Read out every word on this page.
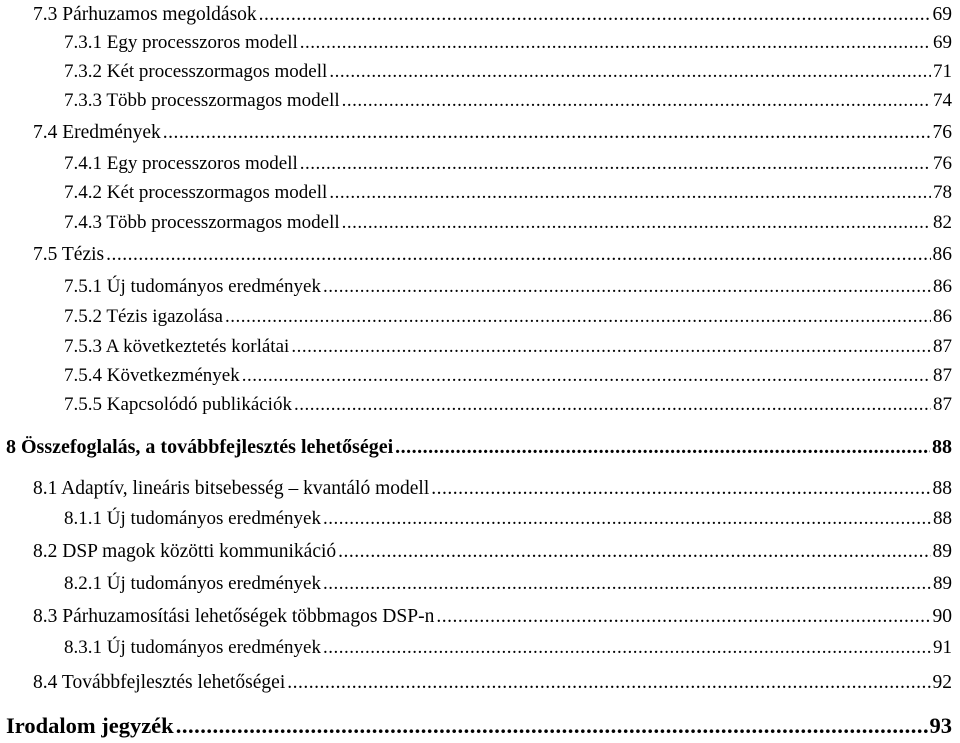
7.3 Párhuzamos megoldások .....	69
7.3.1 Egy processzoros modell .....	69
7.3.2 Két processzormagos modell .....	71
7.3.3 Több processzormagos modell .....	74
7.4 Eredmények .....	76
7.4.1 Egy processzoros modell .....	76
7.4.2 Két processzormagos modell .....	78
7.4.3 Több processzormagos modell .....	82
7.5 Tézis .....	86
7.5.1 Új tudományos eredmények .....	86
7.5.2 Tézis igazolása .....	86
7.5.3 A következtetés korlátai .....	87
7.5.4 Következmények .....	87
7.5.5 Kapcsolódó publikációk .....	87
8 Összefoglalás, a továbbfejlesztés lehetőségei .....	88
8.1 Adaptív, lineáris bitsebesség – kvantáló modell .....	88
8.1.1 Új tudományos eredmények .....	88
8.2 DSP magok közötti kommunikáció .....	89
8.2.1 Új tudományos eredmények .....	89
8.3 Párhuzamosítási lehetőségek többmagos DSP-n .....	90
8.3.1 Új tudományos eredmények .....	91
8.4 Továbbfejlesztés lehetőségei .....	92
Irodalom jegyzék .....	93
